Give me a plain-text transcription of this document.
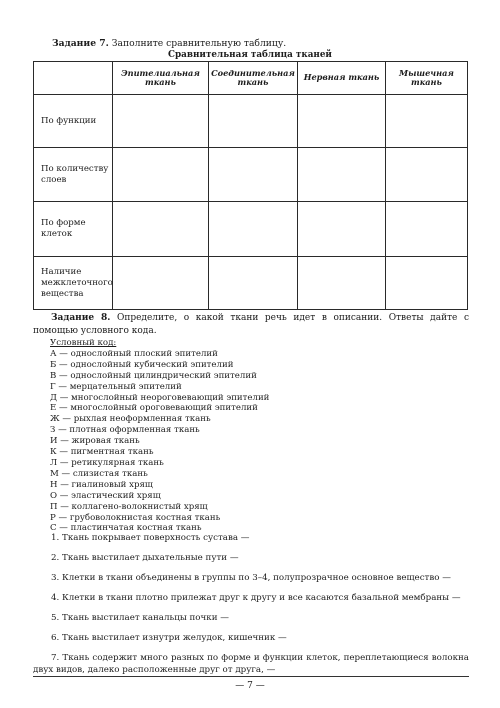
Задание 7. Заполните сравнительную таблицу.
Сравнительная таблица тканей
	Эпителиальная ткань	Соединительная ткань	Нервная ткань	Мышечная ткань
По функции				
По количеству слоев				
По форме клеток				
Наличие межклеточного вещества				
Задание 8. Определите, о какой ткани речь идет в описании. Ответы дайте с помощью условного кода.
Условный код:
А — однослойный плоский эпителий
Б — однослойный кубический эпителий
В — однослойный цилиндрический эпителий
Г — мерцательный эпителий
Д — многослойный неороговевающий эпителий
Е — многослойный ороговевающий эпителий
Ж — рыхлая неоформленная ткань
З — плотная оформленная ткань
И — жировая ткань
К — пигментная ткань
Л — ретикулярная ткань
М — слизистая ткань
Н — гиалиновый хрящ
О — эластический хрящ
П — коллагено-волокнистый хрящ
Р — грубоволокнистая костная ткань
С — пластинчатая костная ткань
1. Ткань покрывает поверхность сустава —
2. Ткань выстилает дыхательные пути —
3. Клетки в ткани объединены в группы по 3–4, полупрозрачное основное вещество —
4. Клетки в ткани плотно прилежат друг к другу и все касаются базальной мембраны —
5. Ткань выстилает канальцы почки —
6. Ткань выстилает изнутри желудок, кишечник —
7. Ткань содержит много разных по форме и функции клеток, переплетающиеся волокна двух видов, далеко расположенные друг от друга, —
— 7 —
